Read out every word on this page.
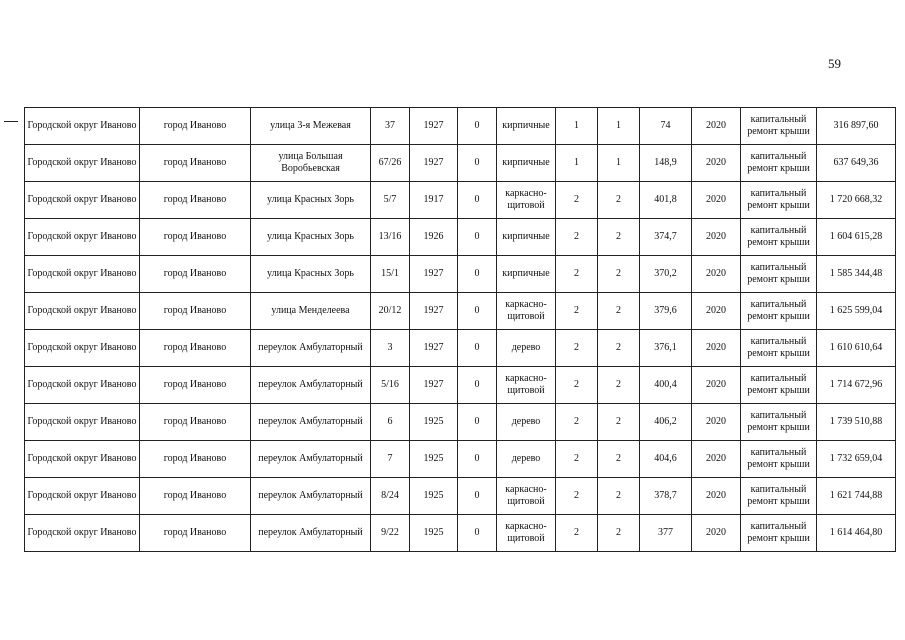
59
Городской округ Иваново	город Иваново	улица 3-я Межевая	37	1927	0	кирпичные	1	1	74	2020	капитальный ремонт крыши	316 897,60
Городской округ Иваново	город Иваново	улица Большая Воробьевская	67/26	1927	0	кирпичные	1	1	148,9	2020	капитальный ремонт крыши	637 649,36
Городской округ Иваново	город Иваново	улица Красных Зорь	5/7	1917	0	каркасно-щитовой	2	2	401,8	2020	капитальный ремонт крыши	1 720 668,32
Городской округ Иваново	город Иваново	улица Красных Зорь	13/16	1926	0	кирпичные	2	2	374,7	2020	капитальный ремонт крыши	1 604 615,28
Городской округ Иваново	город Иваново	улица Красных Зорь	15/1	1927	0	кирпичные	2	2	370,2	2020	капитальный ремонт крыши	1 585 344,48
Городской округ Иваново	город Иваново	улица Менделеева	20/12	1927	0	каркасно-щитовой	2	2	379,6	2020	капитальный ремонт крыши	1 625 599,04
Городской округ Иваново	город Иваново	переулок Амбулаторный	3	1927	0	дерево	2	2	376,1	2020	капитальный ремонт крыши	1 610 610,64
Городской округ Иваново	город Иваново	переулок Амбулаторный	5/16	1927	0	каркасно-щитовой	2	2	400,4	2020	капитальный ремонт крыши	1 714 672,96
Городской округ Иваново	город Иваново	переулок Амбулаторный	6	1925	0	дерево	2	2	406,2	2020	капитальный ремонт крыши	1 739 510,88
Городской округ Иваново	город Иваново	переулок Амбулаторный	7	1925	0	дерево	2	2	404,6	2020	капитальный ремонт крыши	1 732 659,04
Городской округ Иваново	город Иваново	переулок Амбулаторный	8/24	1925	0	каркасно-щитовой	2	2	378,7	2020	капитальный ремонт крыши	1 621 744,88
Городской округ Иваново	город Иваново	переулок Амбулаторный	9/22	1925	0	каркасно-щитовой	2	2	377	2020	капитальный ремонт крыши	1 614 464,80
